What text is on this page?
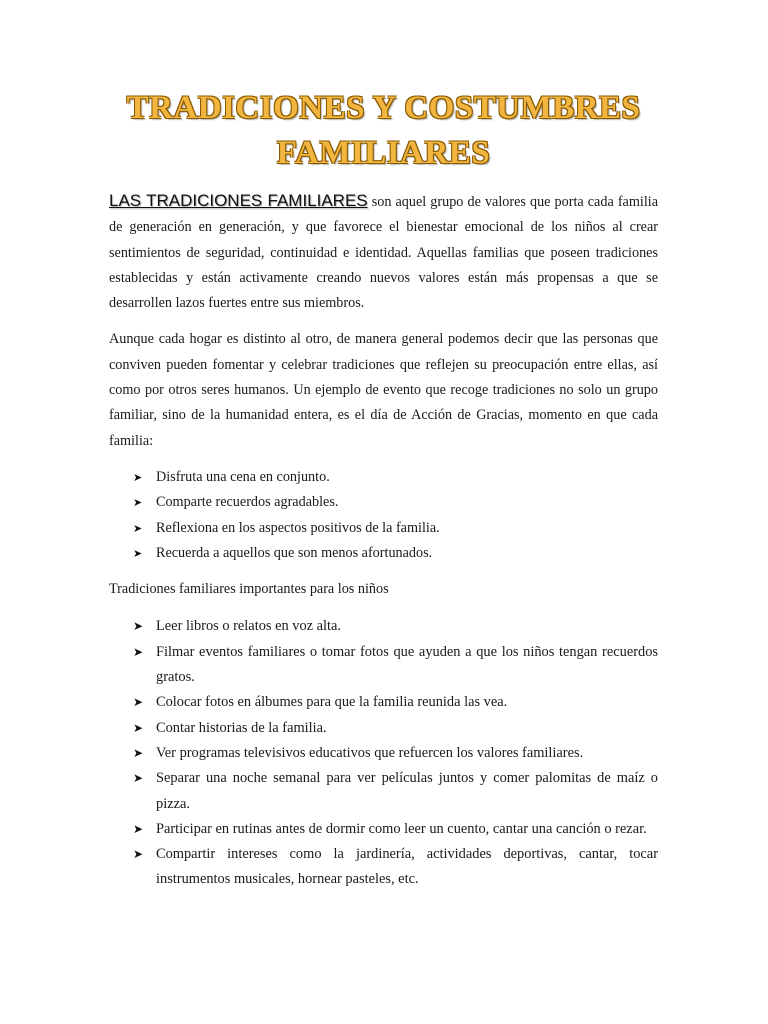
TRADICIONES Y COSTUMBRES
FAMILIARES

LAS TRADICIONES FAMILIARES son aquel grupo de valores que porta cada familia de generación en generación, y que favorece el bienestar emocional de los niños al crear sentimientos de seguridad, continuidad e identidad. Aquellas familias que poseen tradiciones establecidas y están activamente creando nuevos valores están más propensas a que se desarrollen lazos fuertes entre sus miembros.

Aunque cada hogar es distinto al otro, de manera general podemos decir que las personas que conviven pueden fomentar y celebrar tradiciones que reflejen su preocupación entre ellas, así como por otros seres humanos. Un ejemplo de evento que recoge tradiciones no solo un grupo familiar, sino de la humanidad entera, es el día de Acción de Gracias, momento en que cada familia:

➤ Disfruta una cena en conjunto.
➤ Comparte recuerdos agradables.
➤ Reflexiona en los aspectos positivos de la familia.
➤ Recuerda a aquellos que son menos afortunados.

Tradiciones familiares importantes para los niños

➤ Leer libros o relatos en voz alta.
➤ Filmar eventos familiares o tomar fotos que ayuden a que los niños tengan recuerdos gratos.
➤ Colocar fotos en álbumes para que la familia reunida las vea.
➤ Contar historias de la familia.
➤ Ver programas televisivos educativos que refuercen los valores familiares.
➤ Separar una noche semanal para ver películas juntos y comer palomitas de maíz o pizza.
➤ Participar en rutinas antes de dormir como leer un cuento, cantar una canción o rezar.
➤ Compartir intereses como la jardinería, actividades deportivas, cantar, tocar instrumentos musicales, hornear pasteles, etc.
